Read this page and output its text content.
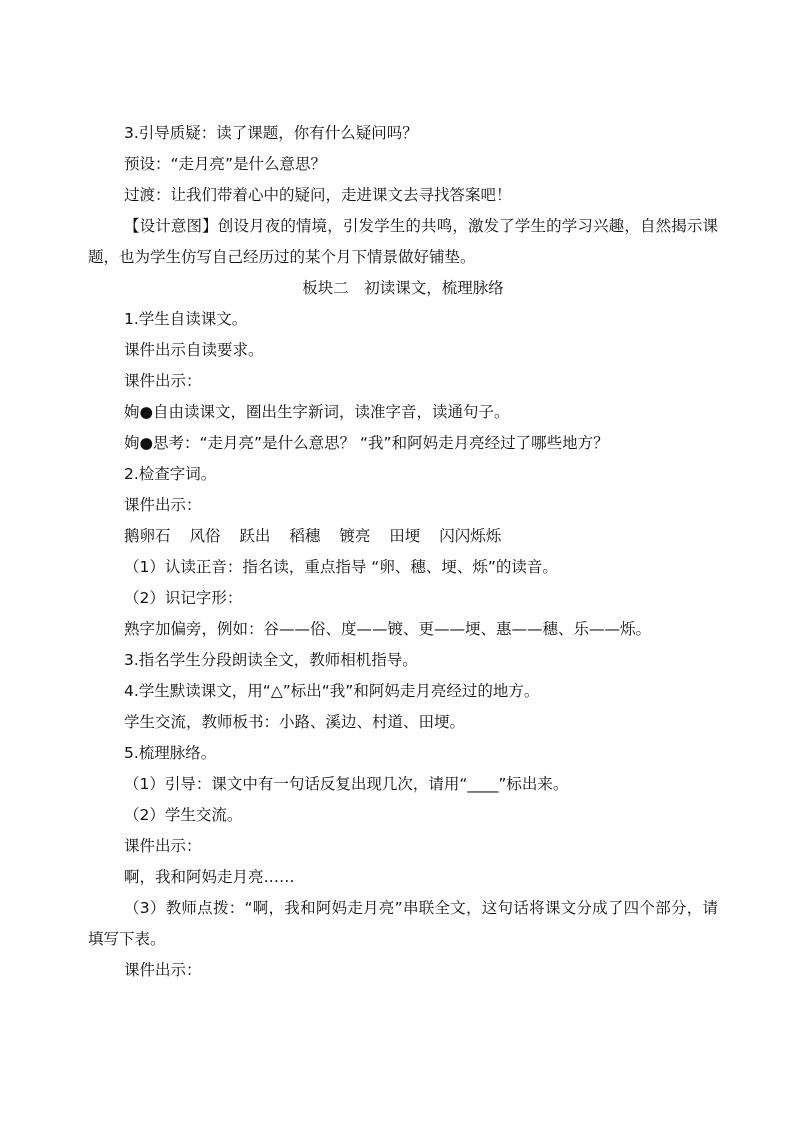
3.引导质疑：读了课题，你有什么疑问吗？

预设：“走月亮”是什么意思？

过渡：让我们带着心中的疑问，走进课文去寻找答案吧！

【设计意图】创设月夜的情境，引发学生的共鸣，激发了学生的学习兴趣，自然揭示课题，也为学生仿写自己经历过的某个月下情景做好铺垫。

板块二　初读课文，梳理脉络

1.学生自读课文。

课件出示自读要求。

课件出示：

姰●自由读课文，圈出生字新词，读准字音，读通句子。

姰●思考：“走月亮”是什么意思？ “我”和阿妈走月亮经过了哪些地方？

2.检查字词。

课件出示：

鹅卵石 风俗 跃出 稻穗 镀亮 田埂 闪闪烁烁

（1）认读正音：指名读，重点指导 “卵、穗、埂、烁”的读音。

（2）识记字形：

熟字加偏旁，例如：谷——俗、度——镀、更——埂、惠——穗、乐——烁。

3.指名学生分段朗读全文，教师相机指导。

4.学生默读课文，用“△”标出“我”和阿妈走月亮经过的地方。

学生交流，教师板书：小路、溪边、村道、田埂。

5.梳理脉络。

（1）引导：课文中有一句话反复出现几次，请用“____”标出来。

（2）学生交流。

课件出示：

啊，我和阿妈走月亮……

（3）教师点拨：“啊，我和阿妈走月亮”串联全文，这句话将课文分成了四个部分，请填写下表。

课件出示：
